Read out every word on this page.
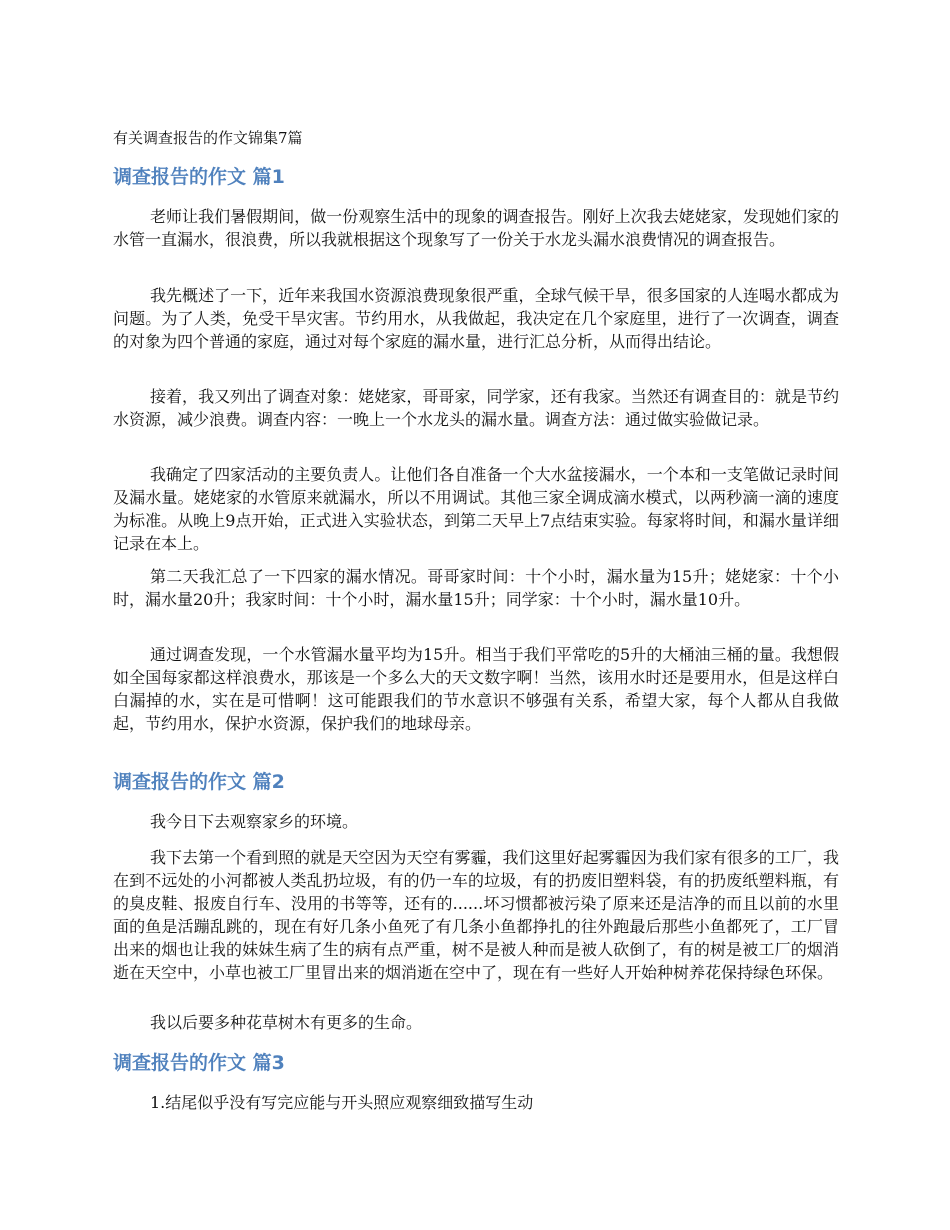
有关调查报告的作文锦集7篇
调查报告的作文 篇1

老师让我们暑假期间，做一份观察生活中的现象的调查报告。刚好上次我去姥姥家，发现她们家的水管一直漏水，很浪费，所以我就根据这个现象写了一份关于水龙头漏水浪费情况的调查报告。

我先概述了一下，近年来我国水资源浪费现象很严重，全球气候干旱，很多国家的人连喝水都成为问题。为了人类，免受干旱灾害。节约用水，从我做起，我决定在几个家庭里，进行了一次调查，调查的对象为四个普通的家庭，通过对每个家庭的漏水量，进行汇总分析，从而得出结论。

接着，我又列出了调查对象：姥姥家，哥哥家，同学家，还有我家。当然还有调查目的：就是节约水资源，减少浪费。调查内容：一晚上一个水龙头的漏水量。调查方法：通过做实验做记录。

我确定了四家活动的主要负责人。让他们各自准备一个大水盆接漏水，一个本和一支笔做记录时间及漏水量。姥姥家的水管原来就漏水，所以不用调试。其他三家全调成滴水模式，以两秒滴一滴的速度为标准。从晚上9点开始，正式进入实验状态，到第二天早上7点结束实验。每家将时间，和漏水量详细记录在本上。

第二天我汇总了一下四家的漏水情况。哥哥家时间：十个小时，漏水量为15升；姥姥家：十个小时，漏水量20升；我家时间：十个小时，漏水量15升；同学家：十个小时，漏水量10升。

通过调查发现，一个水管漏水量平均为15升。相当于我们平常吃的5升的大桶油三桶的量。我想假如全国每家都这样浪费水，那该是一个多么大的天文数字啊！当然，该用水时还是要用水，但是这样白白漏掉的水，实在是可惜啊！这可能跟我们的节水意识不够强有关系，希望大家，每个人都从自我做起，节约用水，保护水资源，保护我们的地球母亲。

调查报告的作文 篇2

我今日下去观察家乡的环境。

我下去第一个看到照的就是天空因为天空有雾霾，我们这里好起雾霾因为我们家有很多的工厂，我在到不远处的小河都被人类乱扔垃圾，有的仍一车的垃圾，有的扔废旧塑料袋，有的扔废纸塑料瓶，有的臭皮鞋、报废自行车、没用的书等等，还有的......坏习惯都被污染了原来还是洁净的而且以前的水里面的鱼是活蹦乱跳的，现在有好几条小鱼死了有几条小鱼都挣扎的往外跑最后那些小鱼都死了，工厂冒出来的烟也让我的妹妹生病了生的病有点严重，树不是被人种而是被人砍倒了，有的树是被工厂的烟消逝在天空中，小草也被工厂里冒出来的烟消逝在空中了，现在有一些好人开始种树养花保持绿色环保。

我以后要多种花草树木有更多的生命。

调查报告的作文 篇3
1.结尾似乎没有写完应能与开头照应观察细致描写生动
